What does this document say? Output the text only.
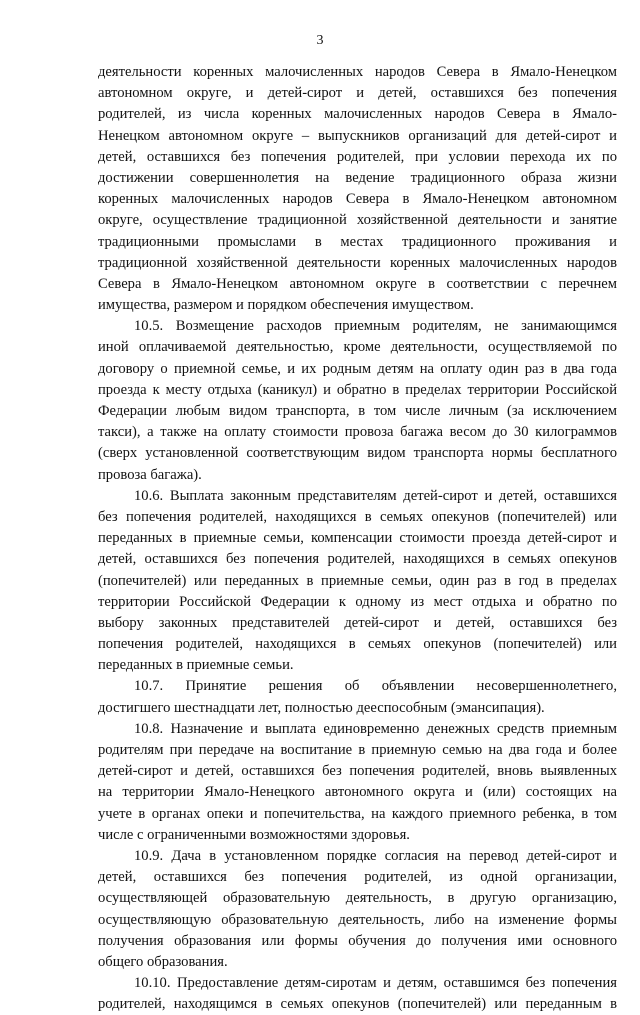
3
деятельности коренных малочисленных народов Севера в Ямало-Ненецком
автономном округе, и детей-сирот и детей, оставшихся без попечения
родителей, из числа коренных малочисленных народов Севера в Ямало-
Ненецком автономном округе – выпускников организаций для детей-сирот и
детей, оставшихся без попечения родителей, при условии перехода их по
достижении совершеннолетия на ведение традиционного образа жизни
коренных малочисленных народов Севера в Ямало-Ненецком автономном
округе, осуществление традиционной хозяйственной деятельности и занятие
традиционными промыслами в местах традиционного проживания и
традиционной хозяйственной деятельности коренных малочисленных народов
Севера в Ямало-Ненецком автономном округе в соответствии с перечнем
имущества, размером и порядком обеспечения имуществом.
10.5. Возмещение расходов приемным родителям, не занимающимся
иной оплачиваемой деятельностью, кроме деятельности, осуществляемой по
договору о приемной семье, и их родным детям на оплату один раз в два года
проезда к месту отдыха (каникул) и обратно в пределах территории Российской
Федерации любым видом транспорта, в том числе личным (за исключением
такси), а также на оплату стоимости провоза багажа весом до 30 килограммов
(сверх установленной соответствующим видом транспорта нормы бесплатного
провоза багажа).
10.6. Выплата законным представителям детей-сирот и детей, оставшихся
без попечения родителей, находящихся в семьях опекунов (попечителей) или
переданных в приемные семьи, компенсации стоимости проезда детей-сирот и
детей, оставшихся без попечения родителей, находящихся в семьях опекунов
(попечителей) или переданных в приемные семьи, один раз в год в пределах
территории Российской Федерации к одному из мест отдыха и обратно по
выбору законных представителей детей-сирот и детей, оставшихся без
попечения родителей, находящихся в семьях опекунов (попечителей) или
переданных в приемные семьи.
10.7. Принятие решения об объявлении несовершеннолетнего,
достигшего шестнадцати лет, полностью дееспособным (эмансипация).
10.8. Назначение и выплата единовременно денежных средств приемным
родителям при передаче на воспитание в приемную семью на два года и более
детей-сирот и детей, оставшихся без попечения родителей, вновь выявленных
на территории Ямало-Ненецкого автономного округа и (или) состоящих на
учете в органах опеки и попечительства, на каждого приемного ребенка, в том
числе с ограниченными возможностями здоровья.
10.9. Дача в установленном порядке согласия на перевод детей-сирот и
детей, оставшихся без попечения родителей, из одной организации,
осуществляющей образовательную деятельность, в другую организацию,
осуществляющую образовательную деятельность, либо на изменение формы
получения образования или формы обучения до получения ими основного
общего образования.
10.10. Предоставление детям-сиротам и детям, оставшимся без попечения
родителей, находящимся в семьях опекунов (попечителей) или переданным в
